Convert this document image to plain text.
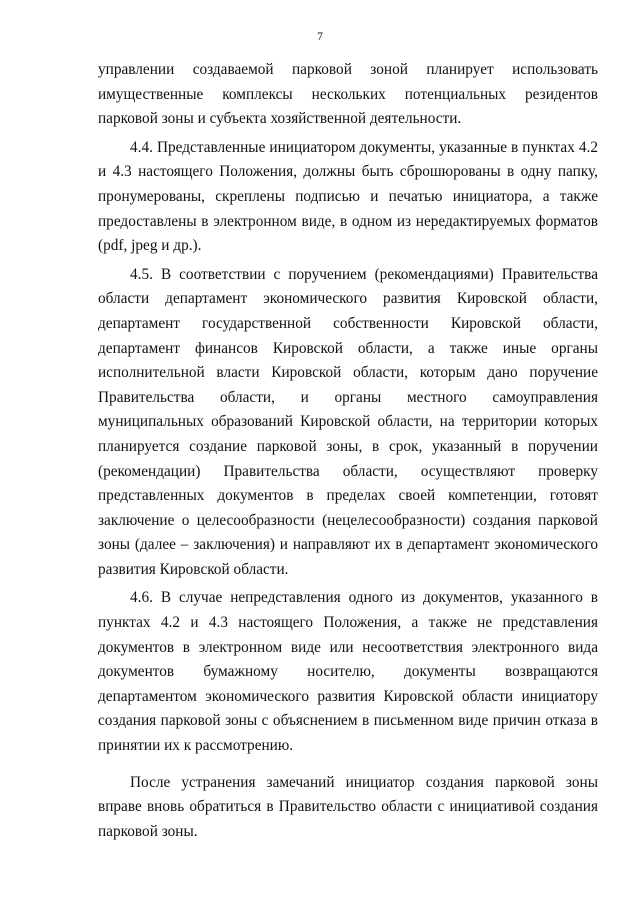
7

управлении создаваемой парковой зоной планирует использовать имущественные комплексы нескольких потенциальных резидентов парковой зоны и субъекта хозяйственной деятельности.

4.4. Представленные инициатором документы, указанные в пунктах 4.2 и 4.3 настоящего Положения, должны быть сброшюрованы в одну папку, пронумерованы, скреплены подписью и печатью инициатора, а также предоставлены в электронном виде, в одном из нередактируемых форматов (pdf, jpeg и др.).

4.5. В соответствии с поручением (рекомендациями) Правительства области департамент экономического развития Кировской области, департамент государственной собственности Кировской области, департамент финансов Кировской области, а также иные органы исполнительной власти Кировской области, которым дано поручение Правительства области, и органы местного самоуправления муниципальных образований Кировской области, на территории которых планируется создание парковой зоны, в срок, указанный в поручении (рекомендации) Правительства области, осуществляют проверку представленных документов в пределах своей компетенции, готовят заключение о целесообразности (нецелесообразности) создания парковой зоны (далее – заключения) и направляют их в департамент экономического развития Кировской области.

4.6. В случае непредставления одного из документов, указанного в пунктах 4.2 и 4.3 настоящего Положения, а также не представления документов в электронном виде или несоответствия электронного вида документов бумажному носителю, документы возвращаются департаментом экономического развития Кировской области инициатору создания парковой зоны с объяснением в письменном виде причин отказа в принятии их к рассмотрению.

После устранения замечаний инициатор создания парковой зоны вправе вновь обратиться в Правительство области с инициативой создания парковой зоны.
